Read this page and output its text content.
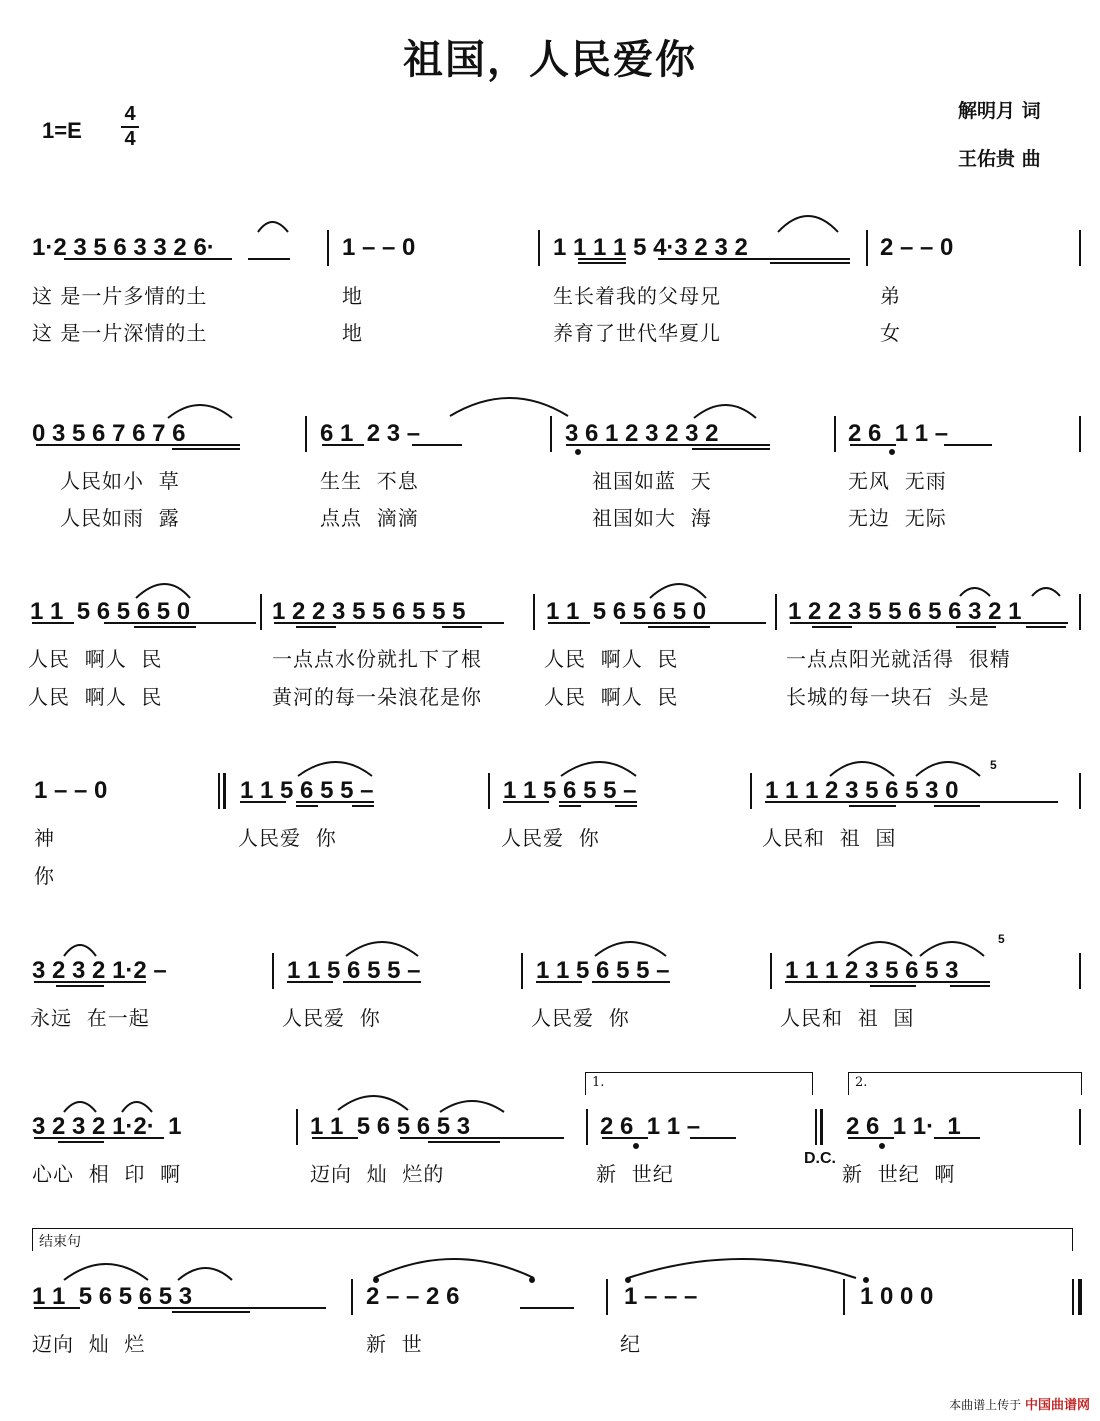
祖国，人民爱你
1=E
4
4
解明月 词
王佑贵 曲
1·2 3 5 6 3 3 2 6·	1 – – 0	1 1 1 1 5 4·3 2 3 2	2 – – 0
这 是一片多情的土	地	生长着我的父母兄	弟
这 是一片深情的土	地	养育了世代华夏儿	女
0 3 5 6 7 6 7 6	6 1  2 3 –	3 6 1 2 3 2 3 2	2 6  1 1 –
人民如小  草	生生  不息	祖国如蓝  天	无风  无雨
人民如雨  露	点点  滴滴	祖国如大  海	无边  无际
1 1  5 6 5 6 5 0	1 2 2 3 5 5 6 5 5 5	1 1  5 6 5 6 5 0	1 2 2 3 5 5 6 5 6 3 2 1
人民  啊人  民	一点点水份就扎下了根	人民  啊人  民	一点点阳光就活得  很精
人民  啊人  民	黄河的每一朵浪花是你	人民  啊人  民	长城的每一块石  头是
1 – – 0	1 1 5 6 5 5 –	1 1 5 6 5 5 –	1 1 1 2 3 5 6 5 3 0
5
神	人民爱  你	人民爱  你	人民和  祖  国
你
3 2 3 2 1·2 –	1 1 5 6 5 5 –	1 1 5 6 5 5 –	1 1 1 2 3 5 6 5 3
5
永远  在一起	人民爱  你	人民爱  你	人民和  祖  国
1.	2.
3 2 3 2 1·2·  1	1 1  5 6 5 6 5 3	2 6  1 1 –	2 6  1 1·  1
D.C.
心心  相  印  啊	迈向  灿  烂的	新  世纪	新  世纪  啊
结束句
1 1  5 6 5 6 5 3	2 – – 2 6	1 – – –	1 0 0 0
迈向  灿  烂	新  世	纪
本曲谱上传于 中国曲谱网
